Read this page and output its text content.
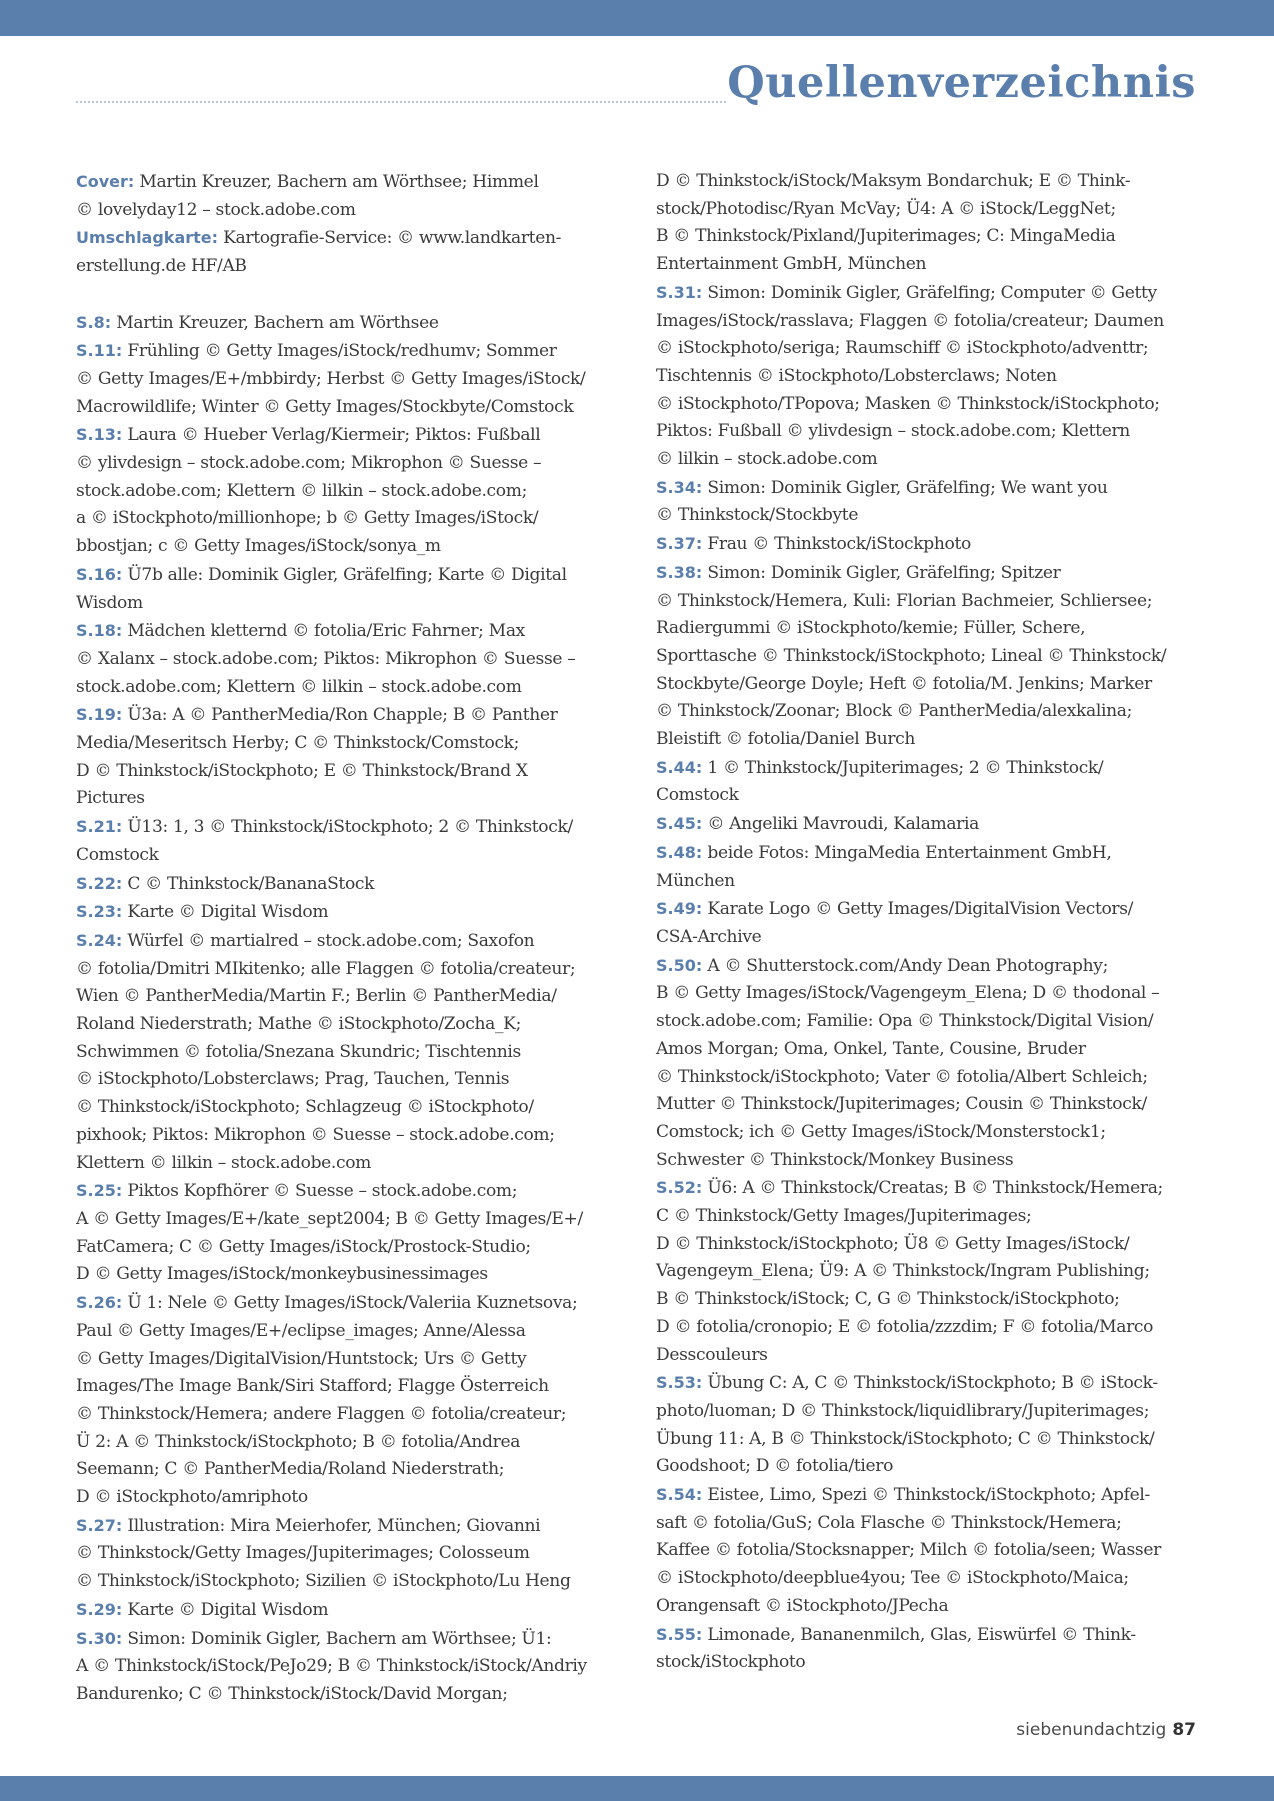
Quellenverzeichnis

Cover: Martin Kreuzer, Bachern am Wörthsee; Himmel
© lovelyday12 – stock.adobe.com

Umschlagkarte: Kartografie-Service: © www.landkarten-
erstellung.de HF/AB

S.8: Martin Kreuzer, Bachern am Wörthsee

S.11: Frühling © Getty Images/iStock/redhumv; Sommer
© Getty Images/E+/mbbirdy; Herbst © Getty Images/iStock/
Macrowildlife; Winter © Getty Images/Stockbyte/Comstock

S.13: Laura © Hueber Verlag/Kiermeir; Piktos: Fußball
© ylivdesign – stock.adobe.com; Mikrophon © Suesse –
stock.adobe.com; Klettern © lilkin – stock.adobe.com;
a © iStockphoto/millionhope; b © Getty Images/iStock/
bbostjan; c © Getty Images/iStock/sonya_m

S.16: Ü7b alle: Dominik Gigler, Gräfelfing; Karte © Digital
Wisdom

S.18: Mädchen kletternd © fotolia/Eric Fahrner; Max
© Xalanx – stock.adobe.com; Piktos: Mikrophon © Suesse –
stock.adobe.com; Klettern © lilkin – stock.adobe.com

S.19: Ü3a: A © PantherMedia/Ron Chapple; B © Panther
Media/Meseritsch Herby; C © Thinkstock/Comstock;
D © Thinkstock/iStockphoto; E © Thinkstock/Brand X
Pictures

S.21: Ü13: 1, 3 © Thinkstock/iStockphoto; 2 © Thinkstock/
Comstock

S.22: C © Thinkstock/BananaStock

S.23: Karte © Digital Wisdom

S.24: Würfel © martialred – stock.adobe.com; Saxofon
© fotolia/Dmitri MIkitenko; alle Flaggen © fotolia/createur;
Wien © PantherMedia/Martin F.; Berlin © PantherMedia/
Roland Niederstrath; Mathe © iStockphoto/Zocha_K;
Schwimmen © fotolia/Snezana Skundric; Tischtennis
© iStockphoto/Lobsterclaws; Prag, Tauchen, Tennis
© Thinkstock/iStockphoto; Schlagzeug © iStockphoto/
pixhook; Piktos: Mikrophon © Suesse – stock.adobe.com;
Klettern © lilkin – stock.adobe.com

S.25: Piktos Kopfhörer © Suesse – stock.adobe.com;
A © Getty Images/E+/kate_sept2004; B © Getty Images/E+/
FatCamera; C © Getty Images/iStock/Prostock-Studio;
D © Getty Images/iStock/monkeybusinessimages

S.26: Ü 1: Nele © Getty Images/iStock/Valeriia Kuznetsova;
Paul © Getty Images/E+/eclipse_images; Anne/Alessa
© Getty Images/DigitalVision/Huntstock; Urs © Getty
Images/The Image Bank/Siri Stafford; Flagge Österreich
© Thinkstock/Hemera; andere Flaggen © fotolia/createur;
Ü 2: A © Thinkstock/iStockphoto; B © fotolia/Andrea
Seemann; C © PantherMedia/Roland Niederstrath;
D © iStockphoto/amriphoto

S.27: Illustration: Mira Meierhofer, München; Giovanni
© Thinkstock/Getty Images/Jupiterimages; Colosseum
© Thinkstock/iStockphoto; Sizilien © iStockphoto/Lu Heng

S.29: Karte © Digital Wisdom

S.30: Simon: Dominik Gigler, Bachern am Wörthsee; Ü1:
A © Thinkstock/iStock/PeJo29; B © Thinkstock/iStock/Andriy
Bandurenko; C © Thinkstock/iStock/David Morgan;

D © Thinkstock/iStock/Maksym Bondarchuk; E © Think-
stock/Photodisc/Ryan McVay; Ü4: A © iStock/LeggNet;
B © Thinkstock/Pixland/Jupiterimages; C: MingaMedia
Entertainment GmbH, München

S.31: Simon: Dominik Gigler, Gräfelfing; Computer © Getty
Images/iStock/rasslava; Flaggen © fotolia/createur; Daumen
© iStockphoto/seriga; Raumschiff © iStockphoto/adventtr;
Tischtennis © iStockphoto/Lobsterclaws; Noten
© iStockphoto/TPopova; Masken © Thinkstock/iStockphoto;
Piktos: Fußball © ylivdesign – stock.adobe.com; Klettern
© lilkin – stock.adobe.com

S.34: Simon: Dominik Gigler, Gräfelfing; We want you
© Thinkstock/Stockbyte

S.37: Frau © Thinkstock/iStockphoto

S.38: Simon: Dominik Gigler, Gräfelfing; Spitzer
© Thinkstock/Hemera, Kuli: Florian Bachmeier, Schliersee;
Radiergummi © iStockphoto/kemie; Füller, Schere,
Sporttasche © Thinkstock/iStockphoto; Lineal © Thinkstock/
Stockbyte/George Doyle; Heft © fotolia/M. Jenkins; Marker
© Thinkstock/Zoonar; Block © PantherMedia/alexkalina;
Bleistift © fotolia/Daniel Burch

S.44: 1 © Thinkstock/Jupiterimages; 2 © Thinkstock/
Comstock

S.45: © Angeliki Mavroudi, Kalamaria

S.48: beide Fotos: MingaMedia Entertainment GmbH,
München

S.49: Karate Logo © Getty Images/DigitalVision Vectors/
CSA-Archive

S.50: A © Shutterstock.com/Andy Dean Photography;
B © Getty Images/iStock/Vagengeym_Elena; D © thodonal –
stock.adobe.com; Familie: Opa © Thinkstock/Digital Vision/
Amos Morgan; Oma, Onkel, Tante, Cousine, Bruder
© Thinkstock/iStockphoto; Vater © fotolia/Albert Schleich;
Mutter © Thinkstock/Jupiterimages; Cousin © Thinkstock/
Comstock; ich © Getty Images/iStock/Monsterstock1;
Schwester © Thinkstock/Monkey Business

S.52: Ü6: A © Thinkstock/Creatas; B © Thinkstock/Hemera;
C © Thinkstock/Getty Images/Jupiterimages;
D © Thinkstock/iStockphoto; Ü8 © Getty Images/iStock/
Vagengeym_Elena; Ü9: A © Thinkstock/Ingram Publishing;
B © Thinkstock/iStock; C, G © Thinkstock/iStockphoto;
D © fotolia/cronopio; E © fotolia/zzzdim; F © fotolia/Marco
Desscouleurs

S.53: Übung C: A, C © Thinkstock/iStockphoto; B © iStock-
photo/luoman; D © Thinkstock/liquidlibrary/Jupiterimages;
Übung 11: A, B © Thinkstock/iStockphoto; C © Thinkstock/
Goodshoot; D © fotolia/tiero

S.54: Eistee, Limo, Spezi © Thinkstock/iStockphoto; Apfel-
saft © fotolia/GuS; Cola Flasche © Thinkstock/Hemera;
Kaffee © fotolia/Stocksnapper; Milch © fotolia/seen; Wasser
© iStockphoto/deepblue4you; Tee © iStockphoto/Maica;
Orangensaft © iStockphoto/JPecha

S.55: Limonade, Bananenmilch, Glas, Eiswürfel © Think-
stock/iStockphoto

siebenundachtzig 87
